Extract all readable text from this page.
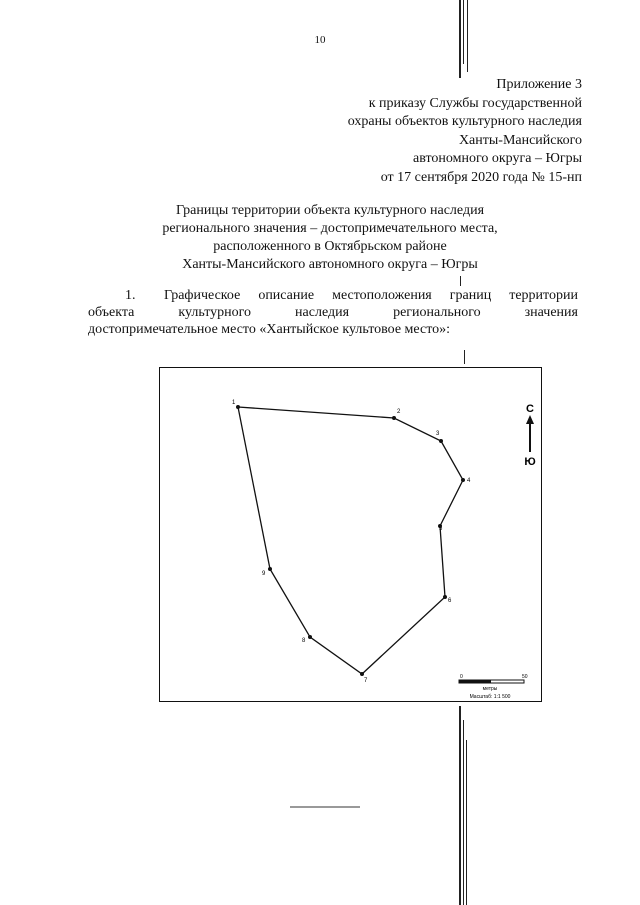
10
Приложение 3
к приказу Службы государственной
охраны объектов культурного наследия
Ханты-Мансийского
автономного округа – Югры
от 17 сентября 2020 года № 15-нп
Границы территории объекта культурного наследия
регионального значения – достопримечательного места,
расположенного в Октябрьском районе
Ханты-Мансийского автономного округа – Югры
1. Графическое описание местоположения границ территории
объекта	культурного	наследия	регионального	значения
достопримечательное место «Хантыйское культовое место»:
1
2
3
4
5
6
7
8
9
С
Ю
0	50
метры
Масштаб: 1:1 500
